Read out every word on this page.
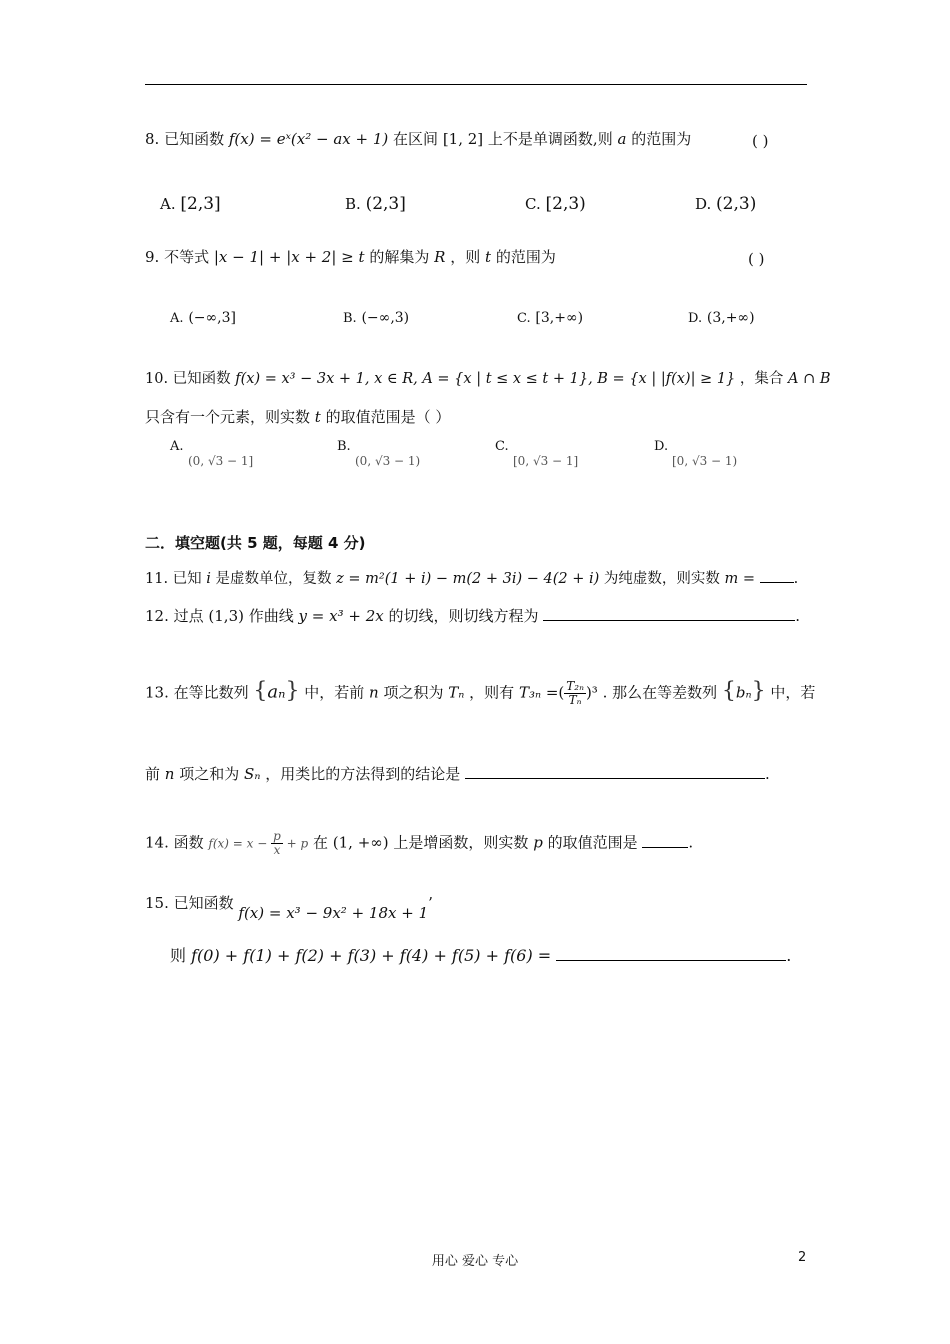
8. 已知函数 f(x) = eˣ(x² − ax + 1) 在区间 [1, 2] 上不是单调函数,则 a 的范围为	( )
A. [2,3]	B. (2,3]	C. [2,3)	D. (2,3)
9. 不等式 |x − 1| + |x + 2| ≥ t 的解集为 R ，则 t 的范围为	( )
A. (−∞,3]	B. (−∞,3)	C. [3,+∞)	D. (3,+∞)
10. 已知函数 f(x) = x³ − 3x + 1, x ∈ R, A = {x | t ≤ x ≤ t + 1}, B = {x | |f(x)| ≥ 1} ，集合 A ∩ B
只含有一个元素，则实数 t 的取值范围是（ ）
A.
(0, √3 − 1]
B.
(0, √3 − 1)
C.
[0, √3 − 1]
D.
[0, √3 − 1)
二．填空题(共 5 题，每题 4 分)
11. 已知 i 是虚数单位，复数 z = m²(1 + i) − m(2 + 3i) − 4(2 + i) 为纯虚数，则实数 m =	.
12. 过点 (1,3) 作曲线 y = x³ + 2x 的切线，则切线方程为	.
13. 在等比数列 {aₙ} 中，若前 n 项之积为 Tₙ ，则有 T₃ₙ =( $\frac{\text{T₂ₙ}}{\text{Tₙ}} )^3$ . 那么在等差数列 {bₙ} 中，若
前 n 项之和为 Sₙ ，用类比的方法得到的结论是	.
14. 函数 $f(x) = x - \frac{p}{x} + p$ 在 (1, +∞) 上是增函数，则实数 p 的取值范围是	.
15. 已知函数 f(x) = x³ − 9x² + 18x + 1’
则 f(0) + f(1) + f(2) + f(3) + f(4) + f(5) + f(6) =	.
用心 爱心 专心	2
